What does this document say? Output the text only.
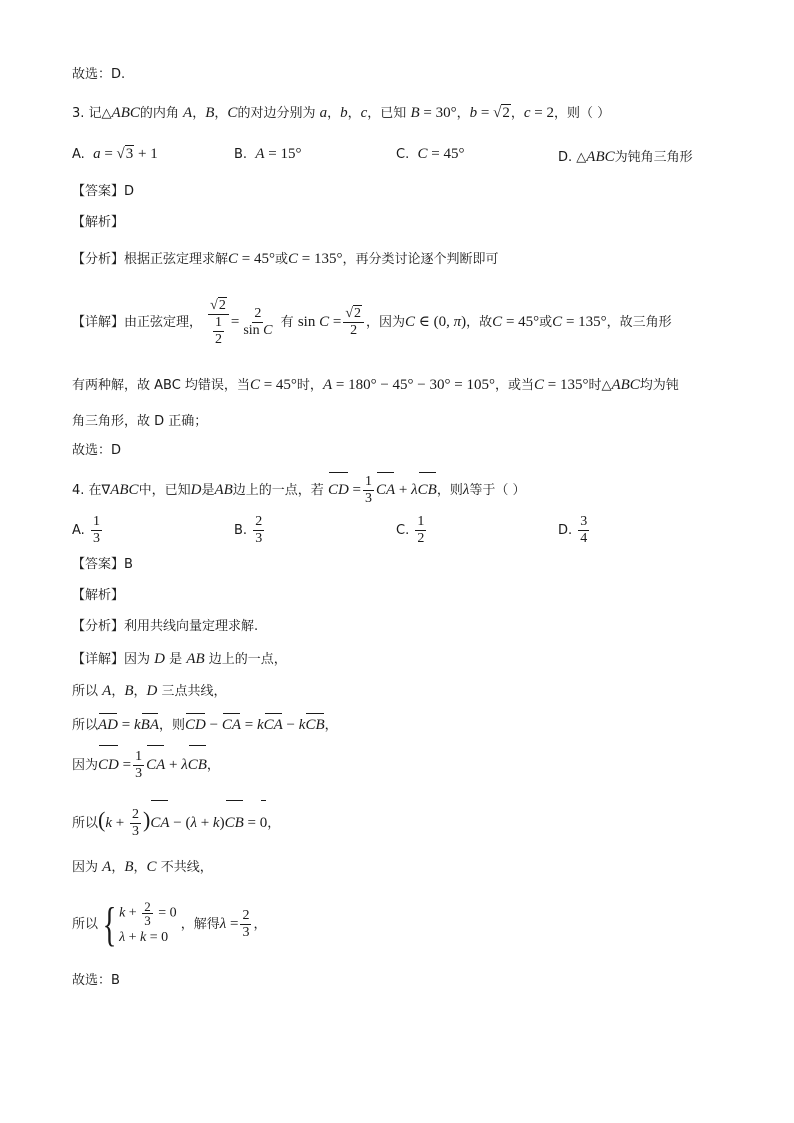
故选：D.
3. 记△ABC的内角 A，B，C的对边分别为 a，b，c，已知 B = 30°，b = √2，c = 2，则（ ）
A. a = √3 + 1	B. A = 15°	C. C = 45°	D. △ABC为钝角三角形
【答案】D
【解析】
【分析】根据正弦定理求解C = 45°或C = 135°，再分类讨论逐个判断即可
【详解】由正弦定理，
√2
1
2
= $\frac{2}{\text{sin C}}$ 有 $\sin C = \frac{√2}{2}$ ，因为C ∈ (0, π)，故C = 45°或C = 135°，故三角形
有两种解，故 ABC 均错误，当C = 45°时，A = 180° − 45° − 30° = 105°，或当C = 135°时△ABC均为钝
角三角形，故 D 正确；
故选：D
4. 在∇ABC中，已知D是AB边上的一点，若 CD = $\frac{1}{3}$ CA + λCB，则λ等于（ ）
A. $\frac{1}{3}$	B. $\frac{2}{3}$	C. $\frac{1}{2}$	D. $\frac{3}{4}$
【答案】B
【解析】
【分析】利用共线向量定理求解.
【详解】因为 D 是 AB 边上的一点，
所以 A，B，D 三点共线，
所以AD = kBA，则CD − CA = kCA − kCB，
因为CD = $\frac{1}{3}$ CA + λCB，
所以$(k + \frac{2}{3} )CA - (\lambda + k)CB = 0$，
因为 A，B，C 不共线，
所以{ $k + \frac{2}{3} = 0$
λ + k = 0
，解得$\lambda = \frac{2}{3}$ ，
故选：B
